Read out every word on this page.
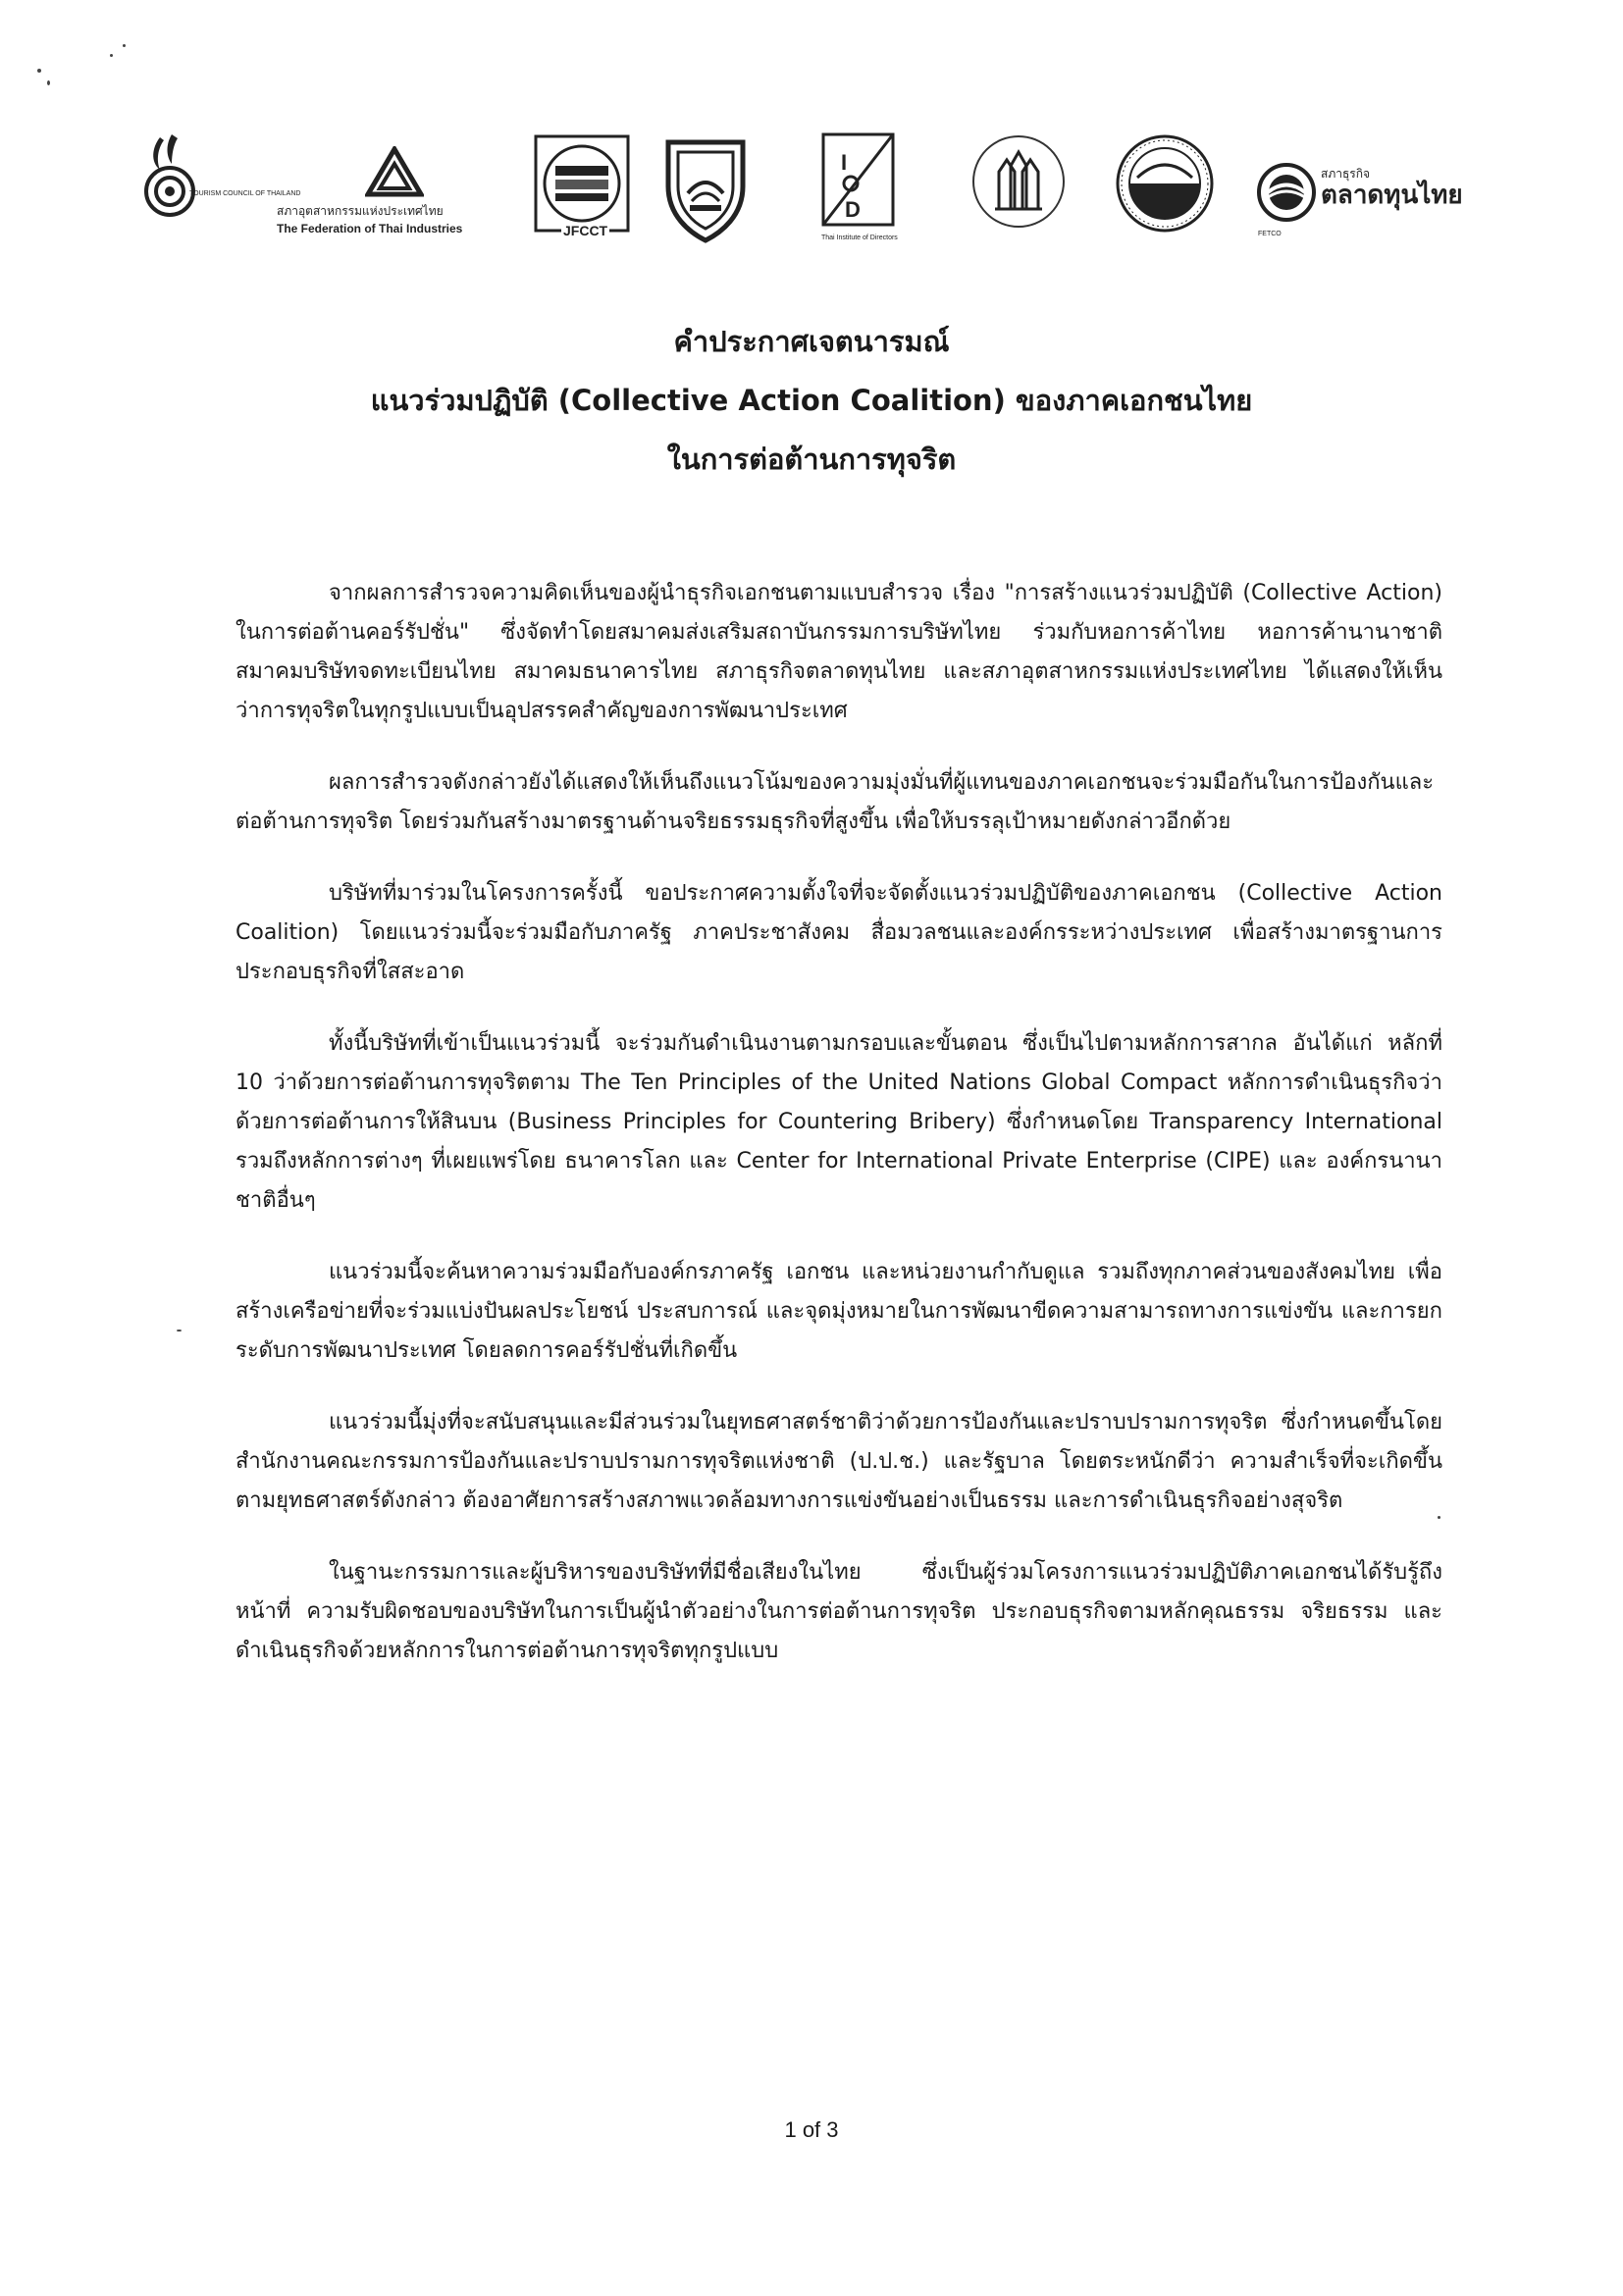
TOURISM COUNCIL OF THAILAND
สภาอุตสาหกรรมแห่งประเทศไทย
The Federation of Thai Industries	JFCCT
I
D
Thai Institute of Directors
สภาธุรกิจ
ตลาดทุนไทย
FETCO
คำประกาศเจตนารมณ์
แนวร่วมปฏิบัติ (Collective Action Coalition) ของภาคเอกชนไทย
ในการต่อต้านการทุจริต

จากผลการสำรวจความคิดเห็นของผู้นำธุรกิจเอกชนตามแบบสำรวจ เรื่อง "การสร้างแนวร่วมปฏิบัติ (Collective Action) ในการต่อต้านคอร์รัปชั่น" ซึ่งจัดทำโดยสมาคมส่งเสริมสถาบันกรรมการบริษัทไทย ร่วมกับหอการค้าไทย หอการค้านานาชาติ สมาคมบริษัทจดทะเบียนไทย สมาคมธนาคารไทย สภาธุรกิจตลาดทุนไทย และสภาอุตสาหกรรมแห่งประเทศไทย ได้แสดงให้เห็นว่าการทุจริตในทุกรูปแบบเป็นอุปสรรคสำคัญของการพัฒนาประเทศ

ผลการสำรวจดังกล่าวยังได้แสดงให้เห็นถึงแนวโน้มของความมุ่งมั่นที่ผู้แทนของภาคเอกชนจะร่วมมือกันในการป้องกันและต่อต้านการทุจริต โดยร่วมกันสร้างมาตรฐานด้านจริยธรรมธุรกิจที่สูงขึ้น เพื่อให้บรรลุเป้าหมายดังกล่าวอีกด้วย

บริษัทที่มาร่วมในโครงการครั้งนี้ ขอประกาศความตั้งใจที่จะจัดตั้งแนวร่วมปฏิบัติของภาคเอกชน (Collective Action Coalition) โดยแนวร่วมนี้จะร่วมมือกับภาครัฐ ภาคประชาสังคม สื่อมวลชนและองค์กรระหว่างประเทศ เพื่อสร้างมาตรฐานการประกอบธุรกิจที่ใสสะอาด

ทั้งนี้บริษัทที่เข้าเป็นแนวร่วมนี้ จะร่วมกันดำเนินงานตามกรอบและขั้นตอน ซึ่งเป็นไปตามหลักการสากล อันได้แก่ หลักที่ 10 ว่าด้วยการต่อต้านการทุจริตตาม The Ten Principles of the United Nations Global Compact หลักการดำเนินธุรกิจว่าด้วยการต่อต้านการให้สินบน (Business Principles for Countering Bribery) ซึ่งกำหนดโดย Transparency International รวมถึงหลักการต่างๆ ที่เผยแพร่โดย ธนาคารโลก และ Center for International Private Enterprise (CIPE) และ องค์กรนานาชาติอื่นๆ

แนวร่วมนี้จะค้นหาความร่วมมือกับองค์กรภาครัฐ เอกชน และหน่วยงานกำกับดูแล รวมถึงทุกภาคส่วนของสังคมไทย เพื่อสร้างเครือข่ายที่จะร่วมแบ่งปันผลประโยชน์ ประสบการณ์ และจุดมุ่งหมายในการพัฒนาขีดความสามารถทางการแข่งขัน และการยกระดับการพัฒนาประเทศ โดยลดการคอร์รัปชั่นที่เกิดขึ้น

แนวร่วมนี้มุ่งที่จะสนับสนุนและมีส่วนร่วมในยุทธศาสตร์ชาติว่าด้วยการป้องกันและปราบปรามการทุจริต ซึ่งกำหนดขึ้นโดยสำนักงานคณะกรรมการป้องกันและปราบปรามการทุจริตแห่งชาติ (ป.ป.ช.) และรัฐบาล โดยตระหนักดีว่า ความสำเร็จที่จะเกิดขึ้นตามยุทธศาสตร์ดังกล่าว ต้องอาศัยการสร้างสภาพแวดล้อมทางการแข่งขันอย่างเป็นธรรม และการดำเนินธุรกิจอย่างสุจริต

ในฐานะกรรมการและผู้บริหารของบริษัทที่มีชื่อเสียงในไทย ซึ่งเป็นผู้ร่วมโครงการแนวร่วมปฏิบัติภาคเอกชนได้รับรู้ถึงหน้าที่ ความรับผิดชอบของบริษัทในการเป็นผู้นำตัวอย่างในการต่อต้านการทุจริต ประกอบธุรกิจตามหลักคุณธรรม จริยธรรม และดำเนินธุรกิจด้วยหลักการในการต่อต้านการทุจริตทุกรูปแบบ

1 of 3
